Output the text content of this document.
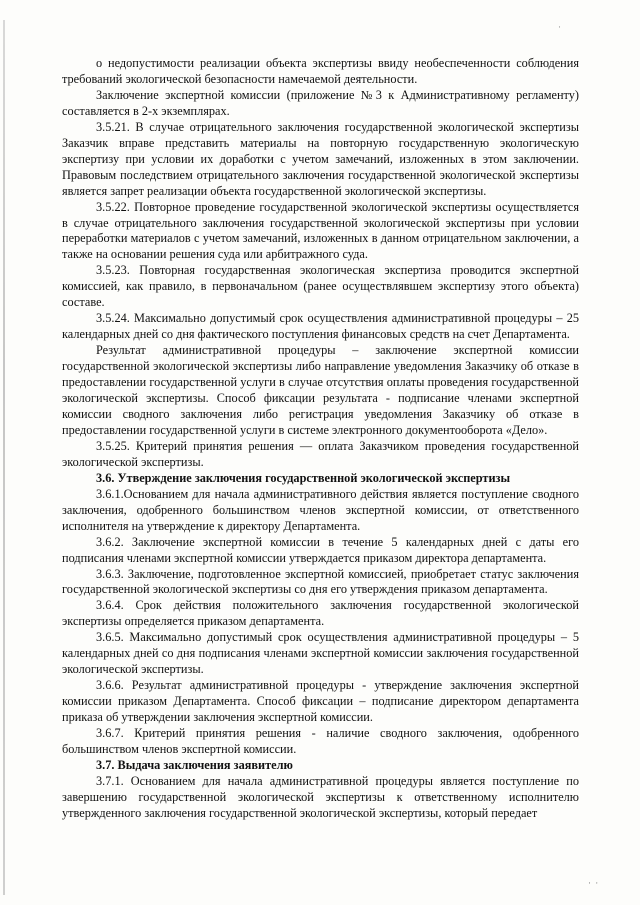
·
· ·

о недопустимости реализации объекта экспертизы ввиду необеспеченности соблюдения требований экологической безопасности намечаемой деятельности.

Заключение экспертной комиссии (приложение №3 к Административному регламенту) составляется в 2-х экземплярах.

3.5.21. В случае отрицательного заключения государственной экологической экспертизы Заказчик вправе представить материалы на повторную государственную экологическую экспертизу при условии их доработки с учетом замечаний, изложенных в этом заключении. Правовым последствием отрицательного заключения государственной экологической экспертизы является запрет реализации объекта государственной экологической экспертизы.

3.5.22. Повторное проведение государственной экологической экспертизы осуществляется в случае отрицательного заключения государственной экологической экспертизы при условии переработки материалов с учетом замечаний, изложенных в данном отрицательном заключении, а также на основании решения суда или арбитражного суда.

3.5.23. Повторная государственная экологическая экспертиза проводится экспертной комиссией, как правило, в первоначальном (ранее осуществлявшем экспертизу этого объекта) составе.

3.5.24. Максимально допустимый срок осуществления административной процедуры – 25 календарных дней со дня фактического поступления финансовых средств на счет Департамента.

Результат административной процедуры – заключение экспертной комиссии государственной экологической экспертизы либо направление уведомления Заказчику об отказе в предоставлении государственной услуги в случае отсутствия оплаты проведения государственной экологической экспертизы. Способ фиксации результата - подписание членами экспертной комиссии сводного заключения либо регистрация уведомления Заказчику об отказе в предоставлении государственной услуги в системе электронного документооборота «Дело».

3.5.25. Критерий принятия решения — оплата Заказчиком проведения государственной экологической экспертизы.

3.6. Утверждение заключения государственной экологической экспертизы

3.6.1.Основанием для начала административного действия является поступление сводного заключения, одобренного большинством членов экспертной комиссии, от ответственного исполнителя на утверждение к директору Департамента.

3.6.2. Заключение экспертной комиссии в течение 5 календарных дней с даты его подписания членами экспертной комиссии утверждается приказом директора департамента.

3.6.3. Заключение, подготовленное экспертной комиссией, приобретает статус заключения государственной экологической экспертизы со дня его утверждения приказом департамента.

3.6.4. Срок действия положительного заключения государственной экологической экспертизы определяется приказом департамента.

3.6.5. Максимально допустимый срок осуществления административной процедуры – 5 календарных дней со дня подписания членами экспертной комиссии заключения государственной экологической экспертизы.

3.6.6. Результат административной процедуры - утверждение заключения экспертной комиссии приказом Департамента. Способ фиксации – подписание директором департамента приказа об утверждении заключения экспертной комиссии.

3.6.7. Критерий принятия решения - наличие сводного заключения, одобренного большинством членов экспертной комиссии.

3.7. Выдача заключения заявителю

3.7.1. Основанием для начала административной процедуры является поступление по завершению государственной экологической экспертизы к ответственному исполнителю утвержденного заключения государственной экологической экспертизы, который передает
